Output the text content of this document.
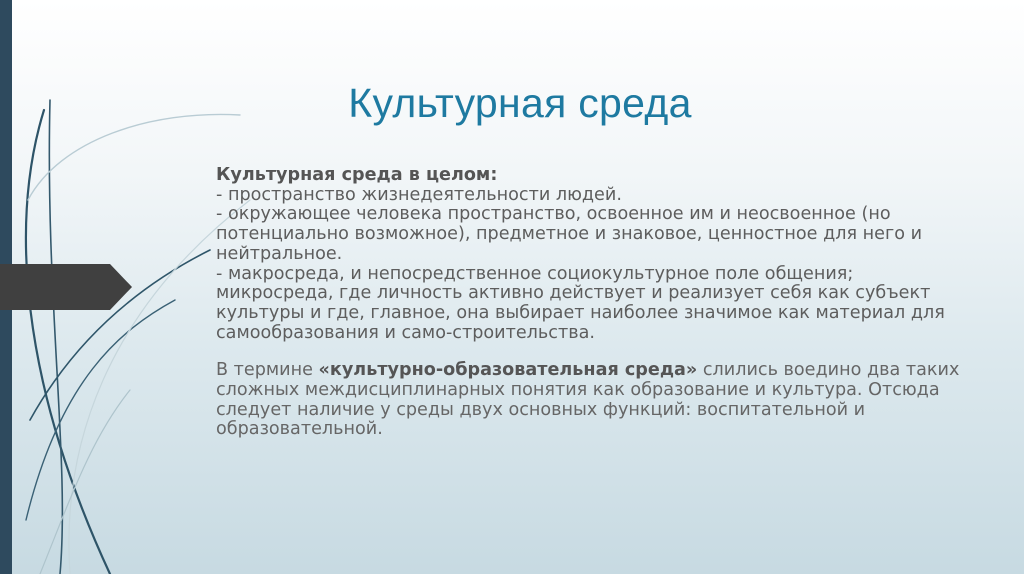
Культурная среда

Культурная среда в целом:

- пространство жизнедеятельности людей.

- окружающее человека пространство, освоенное им и неосвоенное (но потенциально возможное), предметное и знаковое, ценностное для него и нейтральное.

- макросреда, и непосредственное социокультурное поле общения; микросреда, где личность активно действует и реализует себя как субъект культуры и где, главное, она выбирает наиболее значимое как материал для самообразования и само-строительства.

В термине «культурно-образовательная среда» слились воедино два таких сложных междисциплинарных понятия как образование и культура. Отсюда следует наличие у среды двух основных функций: воспитательной и образовательной.
